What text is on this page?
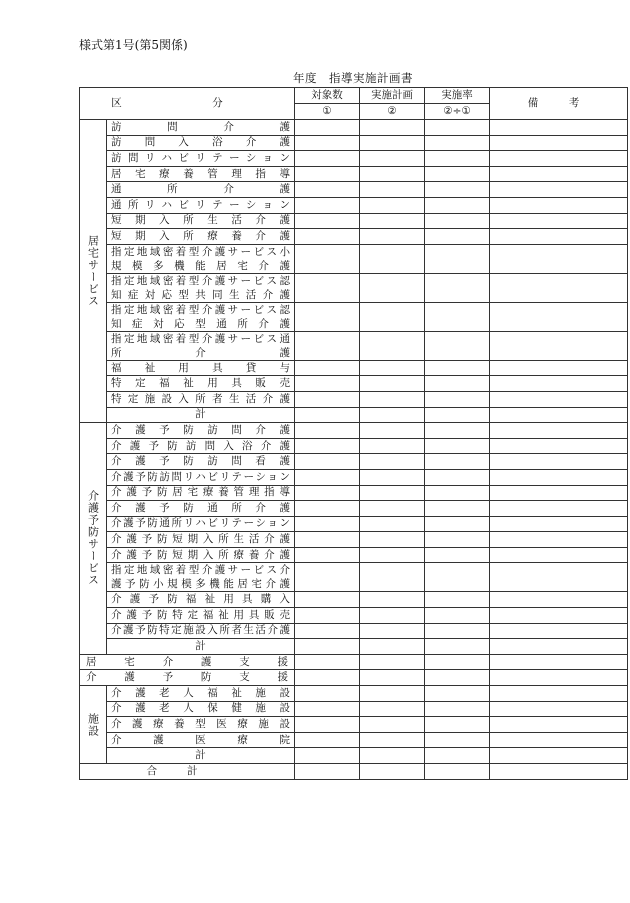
様式第1号(第5関係)
年度　指導実施計画書
区　分		対象数	実施計画	実施率	備　考
		①	②	②÷①	

居宅サービス	訪問介護				
	訪問入浴介護				
	訪問リハビリテーション				
	居宅療養管理指導				
	通所介護				
	通所リハビリテーション				
	短期入所生活介護				
	短期入所療養介護				

	指定地域密着型介護サービス小
規模多機能居宅介護				

	指定地域密着型介護サービス認
知症対応型共同生活介護				

	指定地域密着型介護サービス認
知症対応型通所介護				

	指定地域密着型介護サービス通
所介護				

	福祉用具貸与				
	特定福祉用具販売				
	特定施設入所者生活介護				
	計				

介護予防サービス	介護予防訪問介護				
	介護予防訪問入浴介護				
	介護予防訪問看護				
	介護予防訪問リハビリテーション				
	介護予防居宅療養管理指導				
	介護予防通所介護				
	介護予防通所リハビリテーション				
	介護予防短期入所生活介護				
	介護予防短期入所療養介護				

	指定地域密着型介護サービス介
護予防小規模多機能居宅介護				

	介護予防福祉用具購入				
	介護予防特定福祉用具販売				
	介護予防特定施設入所者生活介護				
	計				
居宅介護支援					
介護予防支援					

施設	介護老人福祉施設				
	介護老人保健施設				
	介護療養型医療施設				
	介護医療院				
	計				
合計					
